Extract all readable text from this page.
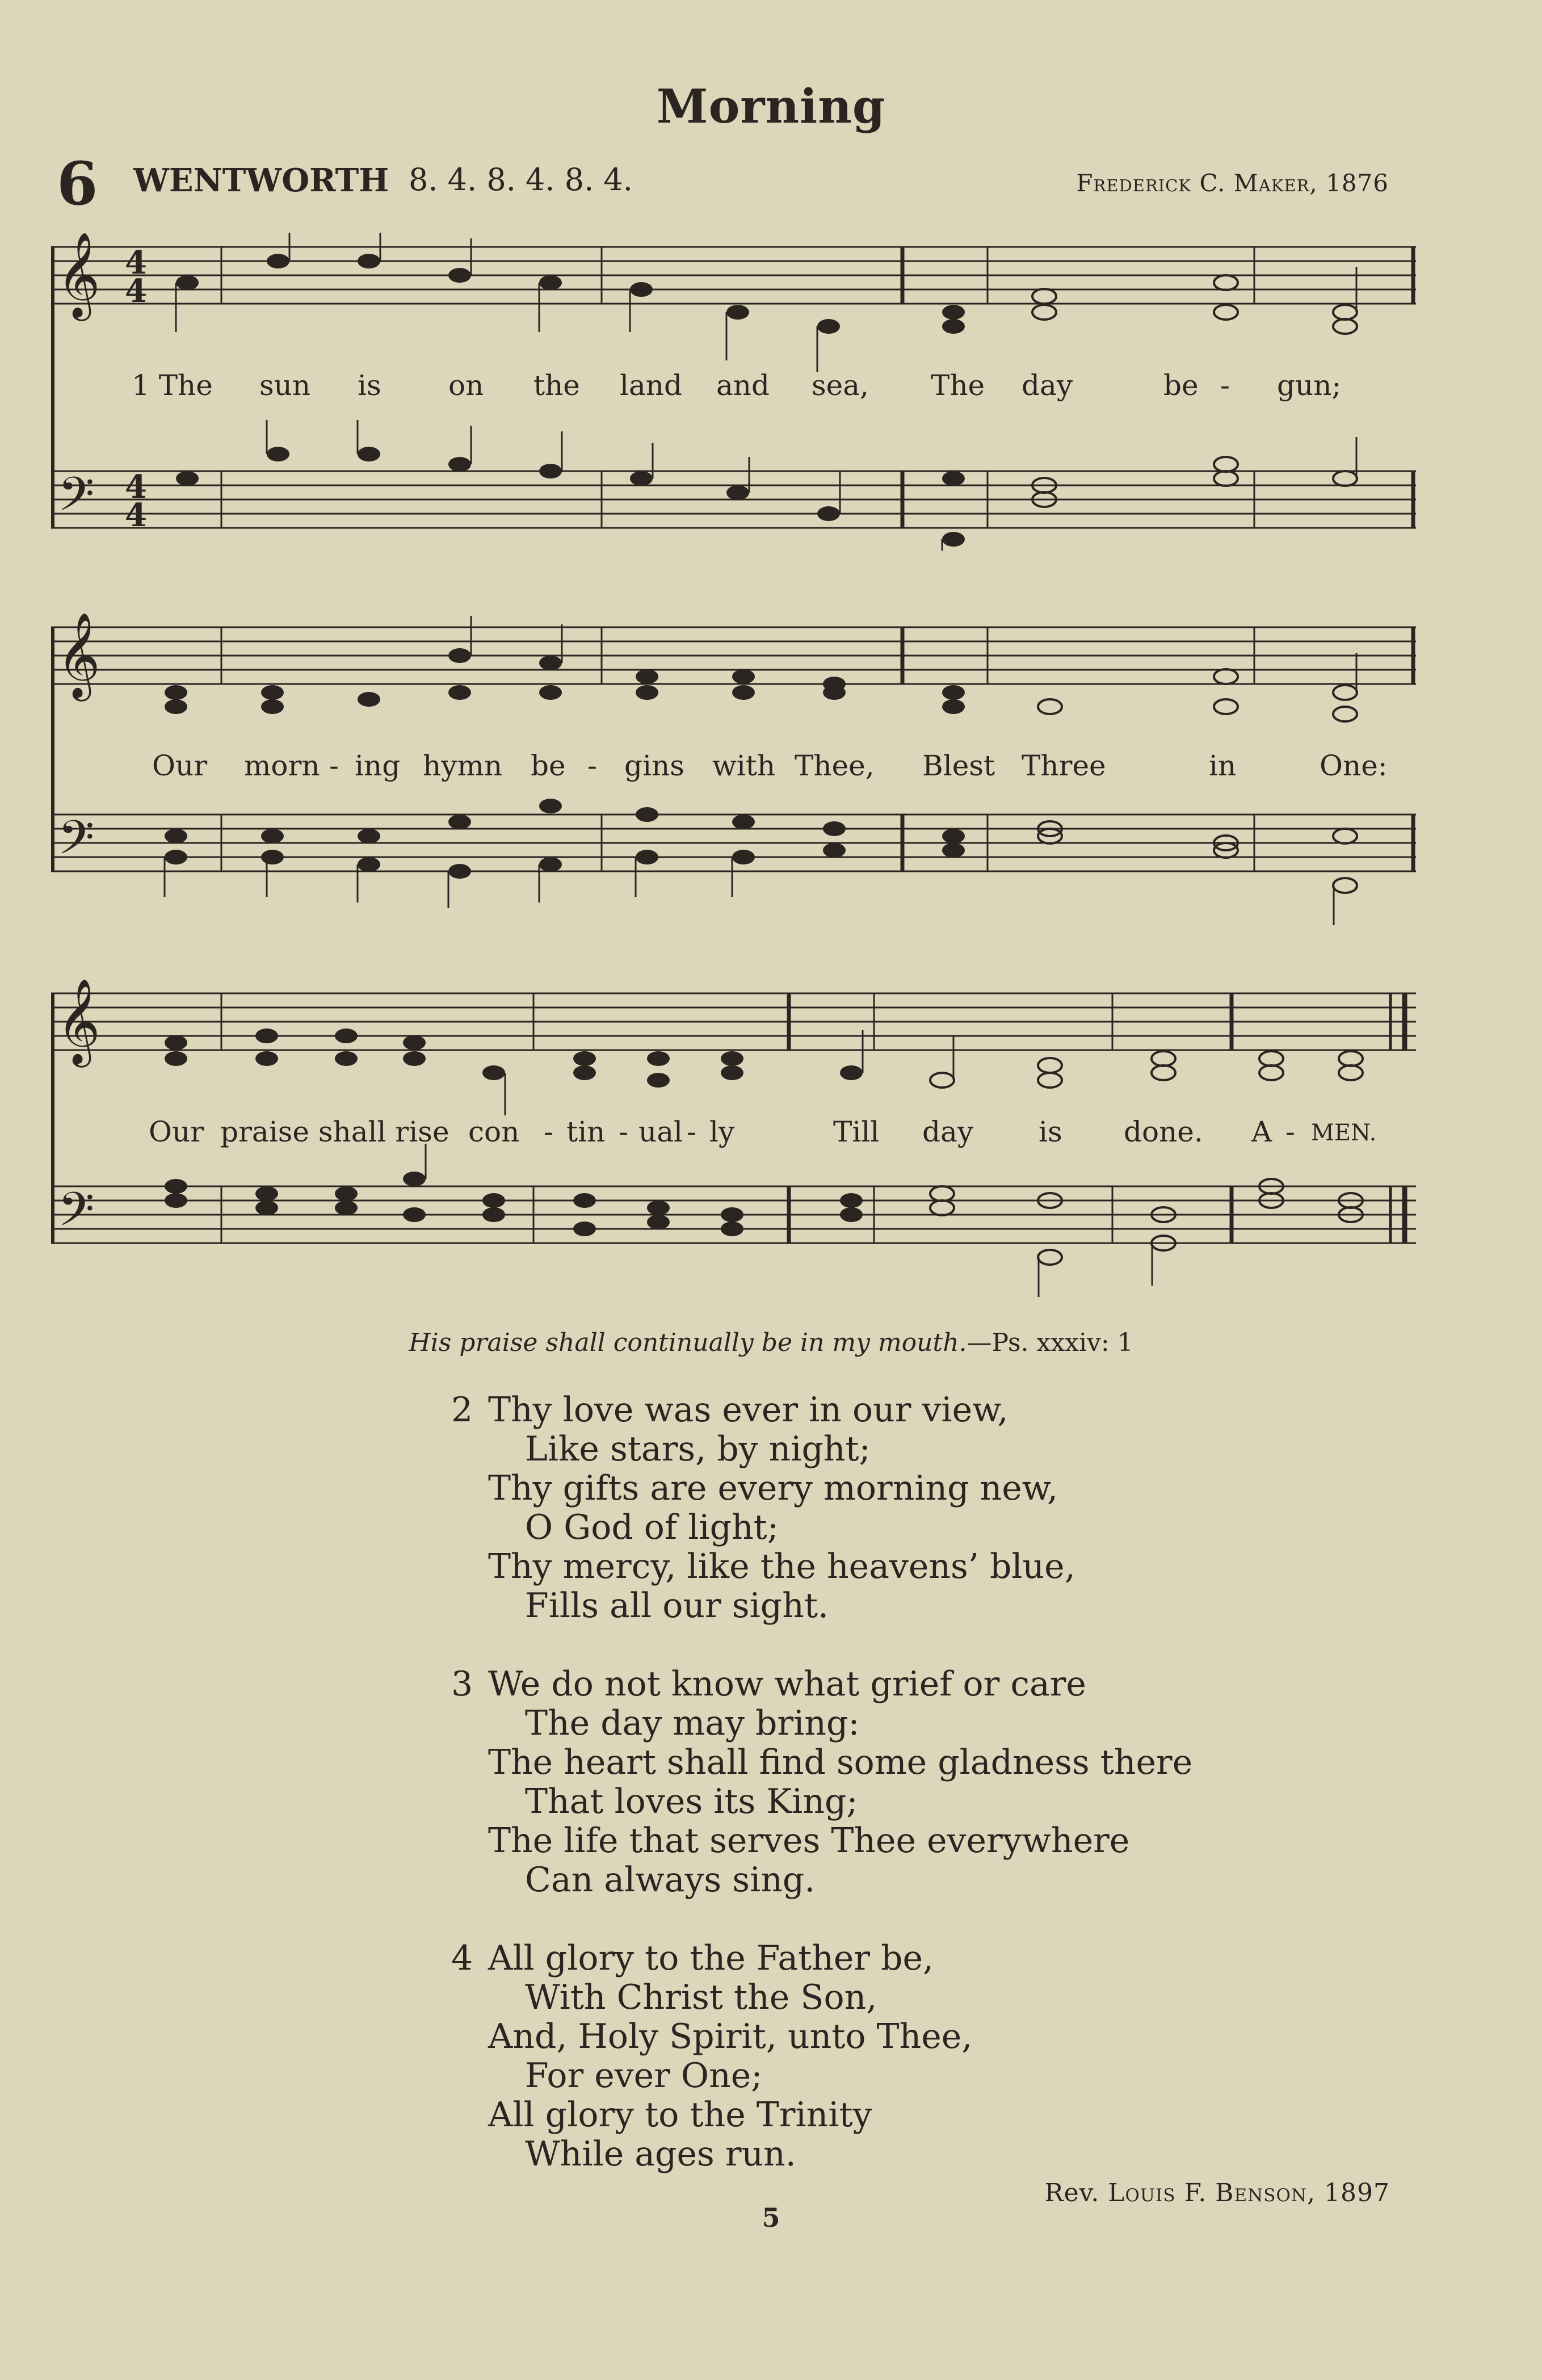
Morning
6 WENTWORTH 8. 4. 8. 4. 8. 4.	Frederick C. Maker, 1876
𝄞
𝄢
4
4
4
4
1 The sun is on the land and sea, The day	be - gun;
𝄞
𝄢
Our morn - ing hymn be - gins with Thee, Blest Three	in	One:
𝄞
𝄢
Our praise shall rise con - tin - ual - ly	Till day is done. A - MEN.
His praise shall continually be in my mouth.—Ps. xxxiv: 1
2 Thy love was ever in our view,
Like stars, by night;
Thy gifts are every morning new,
O God of light;
Thy mercy, like the heavens’ blue,
Fills all our sight.
3 We do not know what grief or care
The day may bring:
The heart shall find some gladness there
That loves its King;
The life that serves Thee everywhere
Can always sing.
4 All glory to the Father be,
With Christ the Son,
And, Holy Spirit, unto Thee,
For ever One;
All glory to the Trinity
While ages run.
Rev. Louis F. Benson, 1897
5
